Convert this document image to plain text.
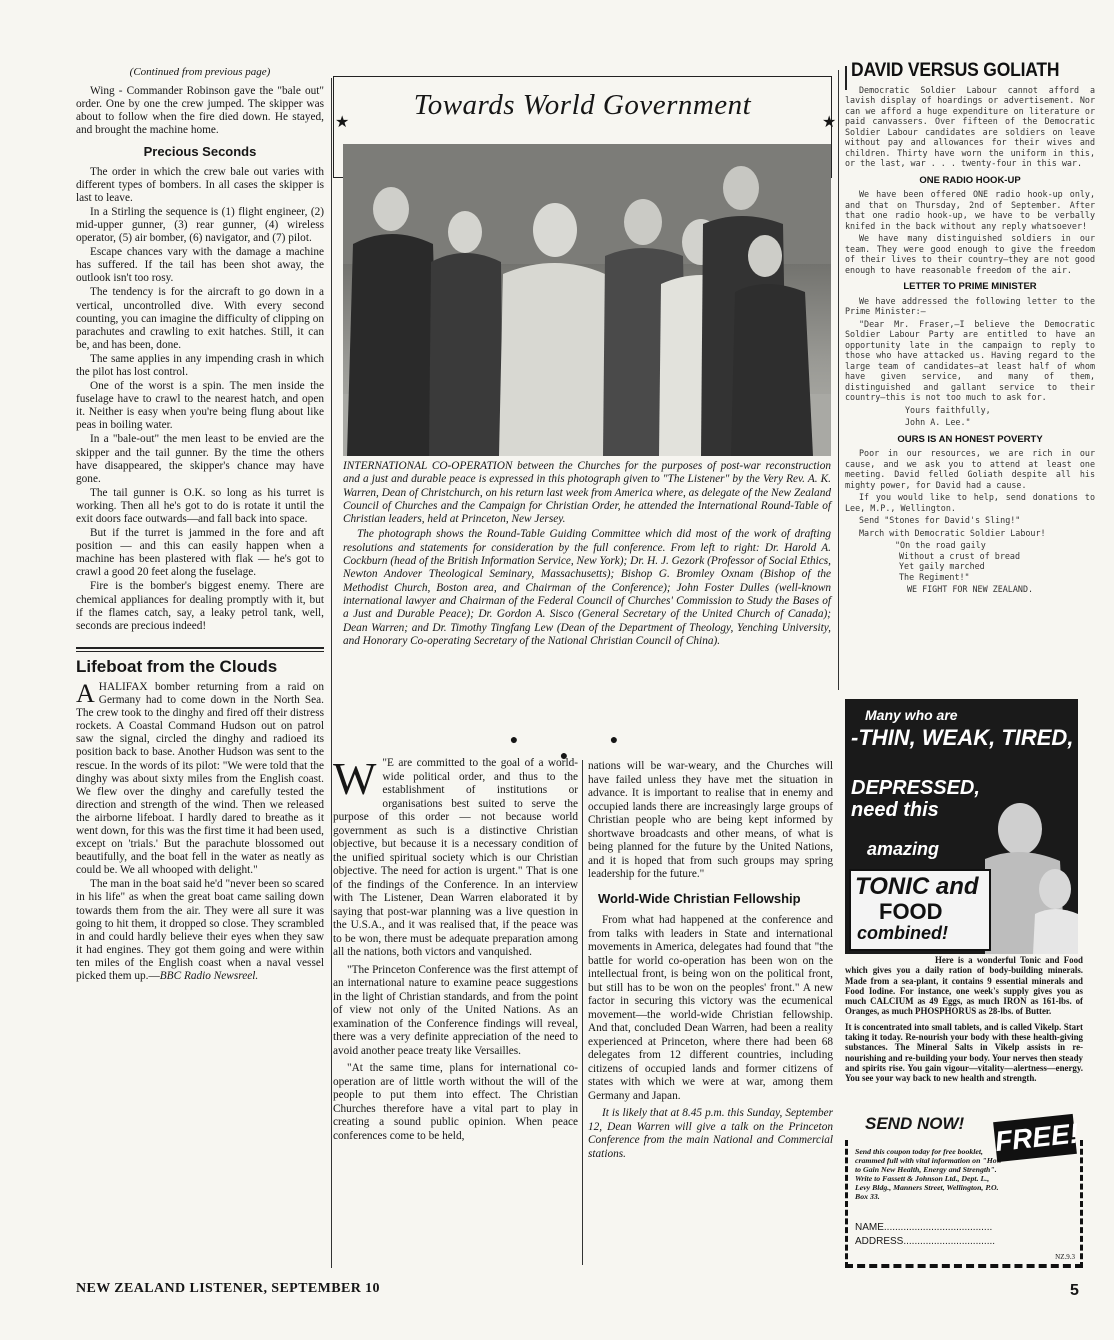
(Continued from previous page)

Wing - Commander Robinson gave the "bale out" order. One by one the crew jumped. The skipper was about to follow when the fire died down. He stayed, and brought the machine home.

Precious Seconds

The order in which the crew bale out varies with different types of bombers. In all cases the skipper is last to leave.

In a Stirling the sequence is (1) flight engineer, (2) mid-upper gunner, (3) rear gunner, (4) wireless operator, (5) air bomber, (6) navigator, and (7) pilot.

Escape chances vary with the damage a machine has suffered. If the tail has been shot away, the outlook isn't too rosy.

The tendency is for the aircraft to go down in a vertical, uncontrolled dive. With every second counting, you can imagine the difficulty of clipping on parachutes and crawling to exit hatches. Still, it can be, and has been, done.

The same applies in any impending crash in which the pilot has lost control.

One of the worst is a spin. The men inside the fuselage have to crawl to the nearest hatch, and open it. Neither is easy when you're being flung about like peas in boiling water.

In a "bale-out" the men least to be envied are the skipper and the tail gunner. By the time the others have disappeared, the skipper's chance may have gone.

The tail gunner is O.K. so long as his turret is working. Then all he's got to do is rotate it until the exit doors face outwards—and fall back into space.

But if the turret is jammed in the fore and aft position — and this can easily happen when a machine has been plastered with flak — he's got to crawl a good 20 feet along the fuselage.

Fire is the bomber's biggest enemy. There are chemical appliances for dealing promptly with it, but if the flames catch, say, a leaky petrol tank, well, seconds are precious indeed!

Lifeboat from the Clouds

AHALIFAX bomber returning from a raid on Germany had to come down in the North Sea. The crew took to the dinghy and fired off their distress rockets. A Coastal Command Hudson out on patrol saw the signal, circled the dinghy and radioed its position back to base. Another Hudson was sent to the rescue. In the words of its pilot: "We were told that the dinghy was about sixty miles from the English coast. We flew over the dinghy and carefully tested the direction and strength of the wind. Then we released the airborne lifeboat. I hardly dared to breathe as it went down, for this was the first time it had been used, except on 'trials.' But the parachute blossomed out beautifully, and the boat fell in the water as neatly as could be. We all whooped with delight."

The man in the boat said he'd "never been so scared in his life" as when the great boat came sailing down towards them from the air. They were all sure it was going to hit them, it dropped so close. They scrambled in and could hardly believe their eyes when they saw it had engines. They got them going and were within ten miles of the English coast when a naval vessel picked them up.—BBC Radio Newsreel.

Towards World Government
★	★

INTERNATIONAL CO-OPERATION between the Churches for the purposes of post-war reconstruction and a just and durable peace is expressed in this photograph given to "The Listener" by the Very Rev. A. K. Warren, Dean of Christchurch, on his return last week from America where, as delegate of the New Zealand Council of Churches and the Campaign for Christian Order, he attended the International Round-Table of Christian leaders, held at Princeton, New Jersey.

The photograph shows the Round-Table Guiding Committee which did most of the work of drafting resolutions and statements for consideration by the full conference. From left to right: Dr. Harold A. Cockburn (head of the British Information Service, New York); Dr. H. J. Gezork (Professor of Social Ethics, Newton Andover Theological Seminary, Massachusetts); Bishop G. Bromley Oxnam (Bishop of the Methodist Church, Boston area, and Chairman of the Conference); John Foster Dulles (well-known international lawyer and Chairman of the Federal Council of Churches' Commission to Study the Bases of a Just and Durable Peace); Dr. Gordon A. Sisco (General Secretary of the United Church of Canada); Dean Warren; and Dr. Timothy Tingfang Lew (Dean of the Department of Theology, Yenching University, and Honorary Co-operating Secretary of the National Christian Council of China).

● ● ●

W "E are committed to the goal of a world-wide political order, and thus to the establishment of institutions or organisations best suited to serve the purpose of this order — not because world government as such is a distinctive Christian objective, but because it is a necessary condition of the unified spiritual society which is our Christian objective. The need for action is urgent." That is one of the findings of the Conference. In an interview with The Listener, Dean Warren elaborated it by saying that post-war planning was a live question in the U.S.A., and it was realised that, if the peace was to be won, there must be adequate preparation among all the nations, both victors and vanquished.

"The Princeton Conference was the first attempt of an international nature to examine peace suggestions in the light of Christian standards, and from the point of view not only of the United Nations. As an examination of the Conference findings will reveal, there was a very definite appreciation of the need to avoid another peace treaty like Versailles.

"At the same time, plans for international co-operation are of little worth without the will of the people to put them into effect. The Christian Churches therefore have a vital part to play in creating a sound public opinion. When peace conferences come to be held,

nations will be war-weary, and the Churches will have failed unless they have met the situation in advance. It is important to realise that in enemy and occupied lands there are increasingly large groups of Christian people who are being kept informed by shortwave broadcasts and other means, of what is being planned for the future by the United Nations, and it is hoped that from such groups may spring leadership for the future."

World-Wide Christian Fellowship

From what had happened at the conference and from talks with leaders in State and international movements in America, delegates had found that "the battle for world co-operation has been won on the intellectual front, is being won on the political front, but still has to be won on the peoples' front." A new factor in securing this victory was the ecumenical movement—the world-wide Christian fellowship. And that, concluded Dean Warren, had been a reality experienced at Princeton, where there had been 68 delegates from 12 different countries, including citizens of occupied lands and former citizens of states with which we were at war, among them Germany and Japan.

It is likely that at 8.45 p.m. this Sunday, September 12, Dean Warren will give a talk on the Princeton Conference from the main National and Commercial stations.

DAVID VERSUS GOLIATH

Democratic Soldier Labour cannot afford a lavish display of hoardings or advertisement. Nor can we afford a huge expenditure on literature or paid canvassers. Over fifteen of the Democratic Soldier Labour candidates are soldiers on leave without pay and allowances for their wives and children. Thirty have worn the uniform in this, or the last, war . . . twenty-four in this war.

ONE RADIO HOOK-UP

We have been offered ONE radio hook-up only, and that on Thursday, 2nd of September. After that one radio hook-up, we have to be verbally knifed in the back without any reply whatsoever!

We have many distinguished soldiers in our team. They were good enough to give the freedom of their lives to their country—they are not good enough to have reasonable freedom of the air.

LETTER TO PRIME MINISTER

We have addressed the following letter to the Prime Minister:—

"Dear Mr. Fraser,—I believe the Democratic Soldier Labour Party are entitled to have an opportunity late in the campaign to reply to those who have attacked us. Having regard to the large team of candidates—at least half of whom have given service, and many of them, distinguished and gallant service to their country—this is not too much to ask for.

Yours faithfully,

John A. Lee."

OURS IS AN HONEST POVERTY

Poor in our resources, we are rich in our cause, and we ask you to attend at least one meeting. David felled Goliath despite all his mighty power, for David had a cause.

If you would like to help, send donations to Lee, M.P., Wellington.

Send "Stones for David's Sling!"

March with Democratic Soldier Labour!

"On the road gaily

Without a crust of bread

Yet gaily marched

The Regiment!"

WE FIGHT FOR NEW ZEALAND.

Many who are
-THIN, WEAK, TIRED,
DEPRESSED,
need this
amazing
TONIC and
FOOD
combined!

Here is a wonderful Tonic and Food which gives you a daily ration of body-building minerals. Made from a sea-plant, it contains 9 essential minerals and Food Iodine. For instance, one week's supply gives you as much CALCIUM as 49 Eggs, as much IRON as 161-lbs. of Oranges, as much PHOSPHORUS as 28-lbs. of Butter.

It is concentrated into small tablets, and is called Vikelp. Start taking it today. Re-nourish your body with these health-giving substances. The Mineral Salts in Vikelp assists in re-nourishing and re-building your body. Your nerves then steady and spirits rise. You gain vigour—vitality—alertness—energy. You see your way back to new health and strength.

SEND NOW! FREE!
Send this coupon today for free booklet, crammed full with vital information on "How to Gain New Health, Energy and Strength". Write to Fassett & Johnson Ltd., Dept. L., Levy Bldg., Manners Street, Wellington, P.O. Box 33.
NAME.......................................
ADDRESS.................................
NZ.9.3
NEW ZEALAND LISTENER, SEPTEMBER 10	5
